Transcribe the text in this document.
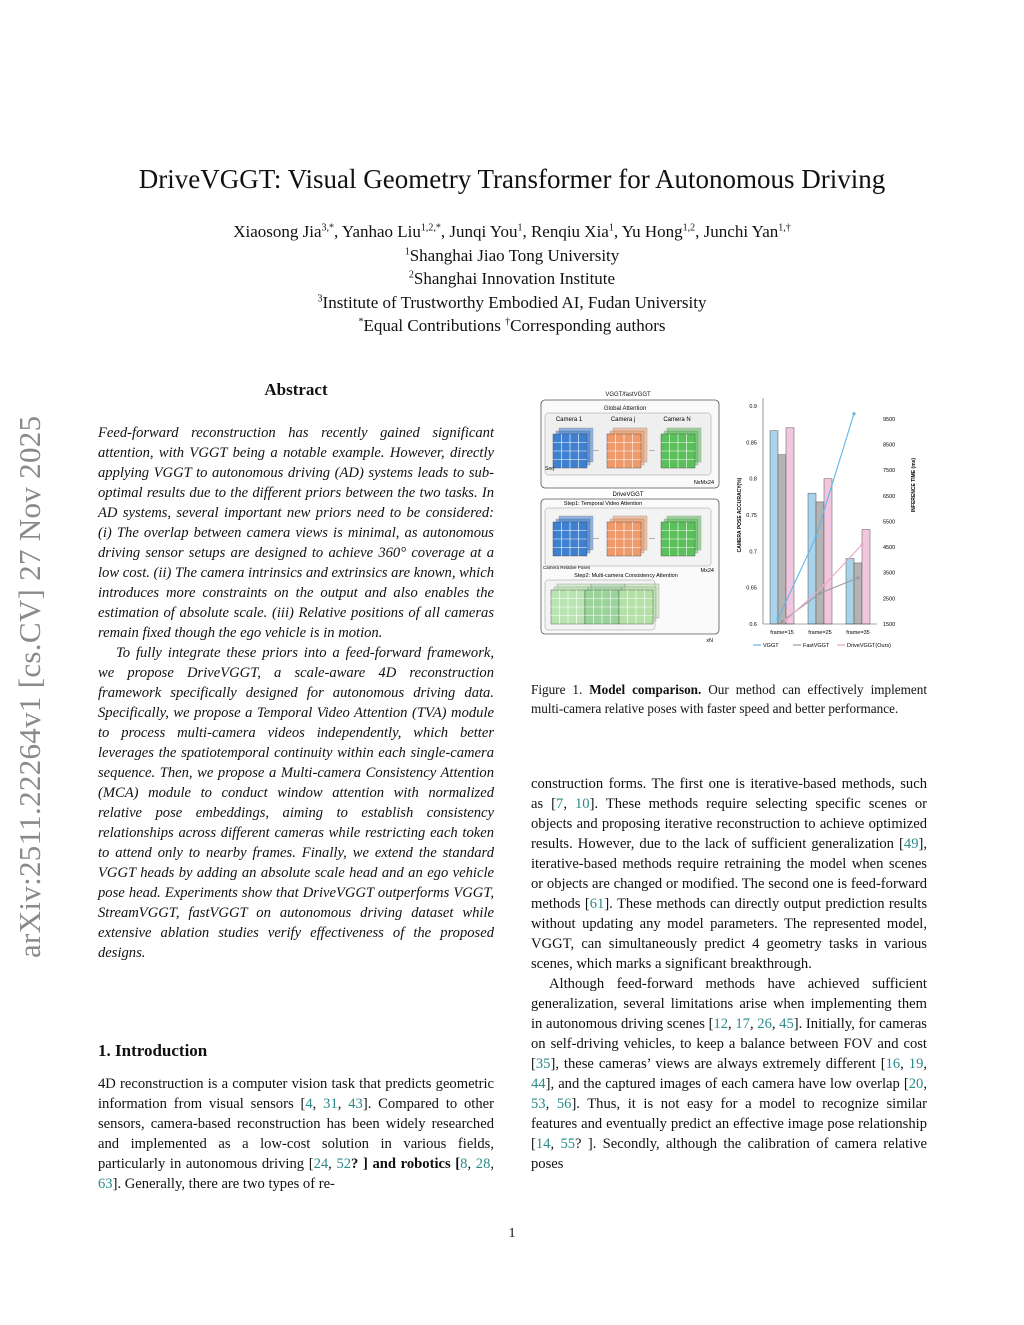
arXiv:2511.22264v1 [cs.CV] 27 Nov 2025
DriveVGGT: Visual Geometry Transformer for Autonomous Driving
Xiaosong Jia$^{3,*}$, Yanhao Liu$^{1,2,*}$, Junqi You$^1$, Renqiu Xia$^1$, Yu Hong$^{1,2}$, Junchi Yan$^{1,\dagger}$
$^1$Shanghai Jiao Tong University
$^2$Shanghai Innovation Institute
$^3$Institute of Trustworthy Embodied AI, Fudan University
*Equal Contributions †Corresponding authors
Abstract

Feed-forward reconstruction has recently gained significant attention, with VGGT being a notable example. However, directly applying VGGT to autonomous driving (AD) systems leads to sub-optimal results due to the different priors between the two tasks. In AD systems, several important new priors need to be considered: (i) The overlap between camera views is minimal, as autonomous driving sensor setups are designed to achieve 360° coverage at a low cost. (ii) The camera intrinsics and extrinsics are known, which introduces more constraints on the output and also enables the estimation of absolute scale. (iii) Relative positions of all cameras remain fixed though the ego vehicle is in motion.

To fully integrate these priors into a feed-forward framework, we propose DriveVGGT, a scale-aware 4D reconstruction framework specifically designed for autonomous driving data. Specifically, we propose a Temporal Video Attention (TVA) module to process multi-camera videos independently, which better leverages the spatiotemporal continuity within each single-camera sequence. Then, we propose a Multi-camera Consistency Attention (MCA) module to conduct window attention with normalized relative pose embeddings, aiming to establish consistency relationships across different cameras while restricting each token to attend only to nearby frames. Finally, we extend the standard VGGT heads by adding an absolute scale head and an ego vehicle pose head. Experiments show that DriveVGGT outperforms VGGT, StreamVGGT, fastVGGT on autonomous driving dataset while extensive ablation studies verify effectiveness of the proposed designs.

1. Introduction

4D reconstruction is a computer vision task that predicts geometric information from visual sensors [4, 31, 43]. Compared to other sensors, camera-based reconstruction has been widely researched and implemented as a low-cost solution in various fields, particularly in autonomous driving [24, 52? ] and robotics [8, 28, 63]. Generally, there are two types of re-

VGGT/fastVGGT
Global Attention
Camera 1	Camera j	Camera N
Seq
...	...
NxMx24
DriveVGGT
Step1: Temporal Video Attention
...	...
Mx24
Camera Relative Poses
Step2: Multi-camera Consistency Attention
xN
CAMERA POSE ACCURACY(%)	INFERENCE TIME (ms)
0.9
0.85
0.8
0.75
0.7
0.65
0.6
9500
8500
7500
6500
5500
4500
3500
2500
1500
frame=15	frame=25	frame=35
VGGT	FastVGGT	DriveVGGT(Ours)
Figure 1. Model comparison. Our method can effectively implement multi-camera relative poses with faster speed and better performance.

construction forms. The first one is iterative-based methods, such as [7, 10]. These methods require selecting specific scenes or objects and proposing iterative reconstruction to achieve optimized results. However, due to the lack of sufficient generalization [49], iterative-based methods require retraining the model when scenes or objects are changed or modified. The second one is feed-forward methods [61]. These methods can directly output prediction results without updating any model parameters. The represented model, VGGT, can simultaneously predict 4 geometry tasks in various scenes, which marks a significant breakthrough.

Although feed-forward methods have achieved sufficient generalization, several limitations arise when implementing them in autonomous driving scenes [12, 17, 26, 45]. Initially, for cameras on self-driving vehicles, to keep a balance between FOV and cost [35], these cameras’ views are always extremely different [16, 19, 44], and the captured images of each camera have low overlap [20, 53, 56]. Thus, it is not easy for a model to recognize similar features and eventually predict an effective image pose relationship [14, 55? ]. Secondly, although the calibration of camera relative poses

1
